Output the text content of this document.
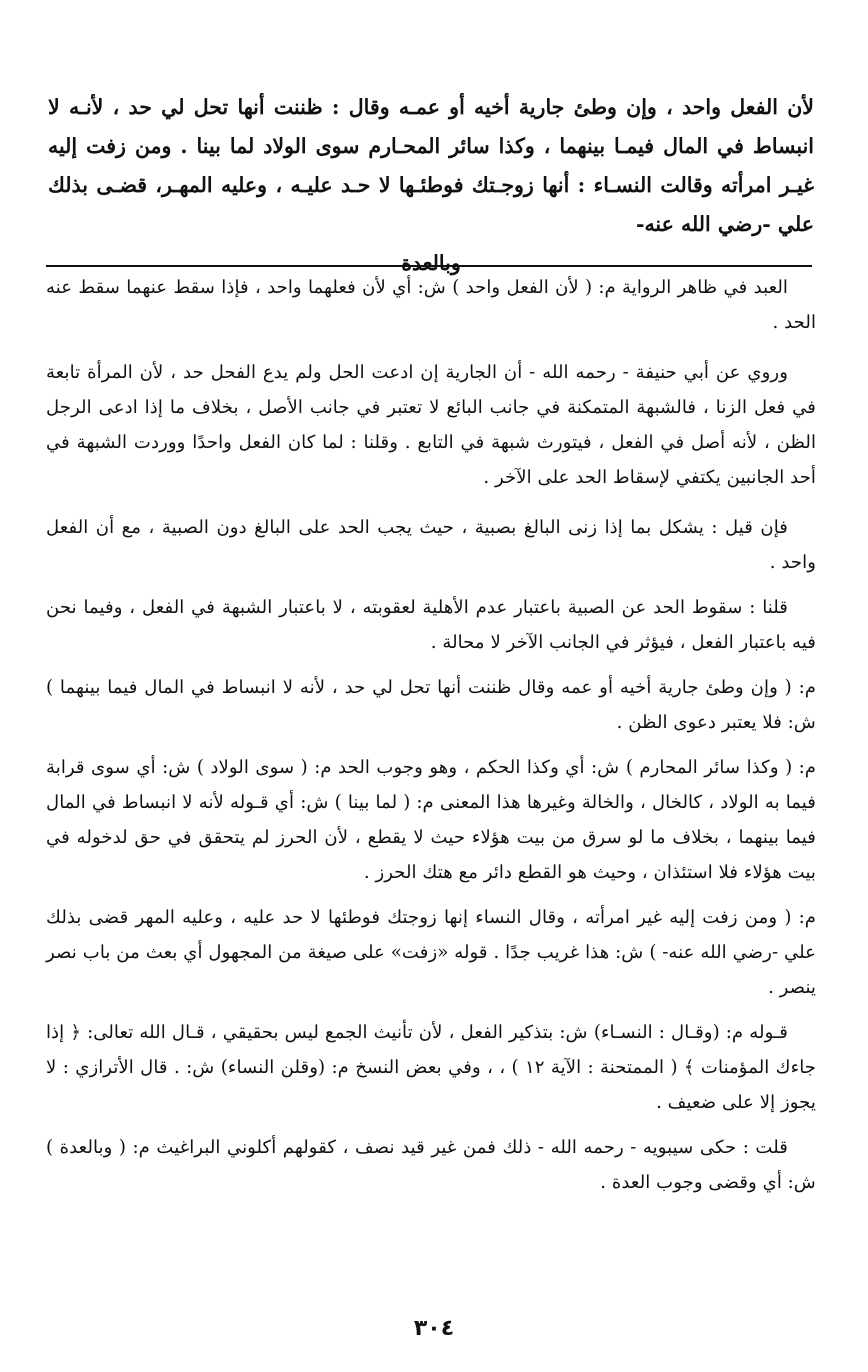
لأن الفعل واحد ، وإن وطئ جارية أخيه أو عمـه وقال : ظننت أنها تحل لي حد ، لأنـه لا انبساط في المال فيمـا بينهما ، وكذا سائر المحـارم سوى الولاد لما بينا . ومن زفت إليه غيـر امرأته وقالت النسـاء : أنها زوجـتك فوطئـها لا حـد عليـه ، وعليه المهـر، قضـى بذلك علي -رضي الله عنه-

وبالعدة

العبد في ظاهر الرواية م: ( لأن الفعل واحد ) ش: أي لأن فعلهما واحد ، فإذا سقط عنهما سقط عنه الحد .

وروي عن أبي حنيفة - رحمه الله - أن الجارية إن ادعت الحل ولم يدع الفحل حد ، لأن المرأة تابعة في فعل الزنا ، فالشبهة المتمكنة في جانب البائع لا تعتبر في جانب الأصل ، بخلاف ما إذا ادعى الرجل الظن ، لأنه أصل في الفعل ، فيتورث شبهة في التابع . وقلنا : لما كان الفعل واحدًا ووردت الشبهة في أحد الجانبين يكتفي لإسقاط الحد على الآخر .

فإن قيل : يشكل بما إذا زنى البالغ بصبية ، حيث يجب الحد على البالغ دون الصبية ، مع أن الفعل واحد .

قلنا : سقوط الحد عن الصبية باعتبار عدم الأهلية لعقوبته ، لا باعتبار الشبهة في الفعل ، وفيما نحن فيه باعتبار الفعل ، فيؤثر في الجانب الآخر لا محالة .

م: ( وإن وطئ جارية أخيه أو عمه وقال ظننت أنها تحل لي حد ، لأنه لا انبساط في المال فيما بينهما ) ش: فلا يعتبر دعوى الظن .

م: ( وكذا سائر المحارم ) ش: أي وكذا الحكم ، وهو وجوب الحد م: ( سوى الولاد ) ش: أي سوى قرابة فيما به الولاد ، كالخال ، والخالة وغيرها هذا المعنى م: ( لما بينا ) ش: أي قـوله لأنه لا انبساط في المال فيما بينهما ، بخلاف ما لو سرق من بيت هؤلاء حيث لا يقطع ، لأن الحرز لم يتحقق في حق لدخوله في بيت هؤلاء فلا استئذان ، وحيث هو القطع دائر مع هتك الحرز .

م: ( ومن زفت إليه غير امرأته ، وقال النساء إنها زوجتك فوطئها لا حد عليه ، وعليه المهر قضى بذلك علي -رضي الله عنه- ) ش: هذا غريب جدًا . قوله «زفت» على صيغة من المجهول أي بعث من باب نصر ينصر .

قـوله م: (وقـال : النسـاء) ش: بتذكير الفعل ، لأن تأنيث الجمع ليس بحقيقي ، قـال الله تعالى: ﴿ إذا جاءك المؤمنات ﴾ ( الممتحنة : الآية ١٢ ) ، ، وفي بعض النسخ م: (وقلن النساء) ش: . قال الأترازي : لا يجوز إلا على ضعيف .

قلت : حكى سيبويه - رحمه الله - ذلك فمن غير قيد نصف ، كقولهم أكلوني البراغيث م: ( وبالعدة ) ش: أي وقضى وجوب العدة .

٣٠٤
